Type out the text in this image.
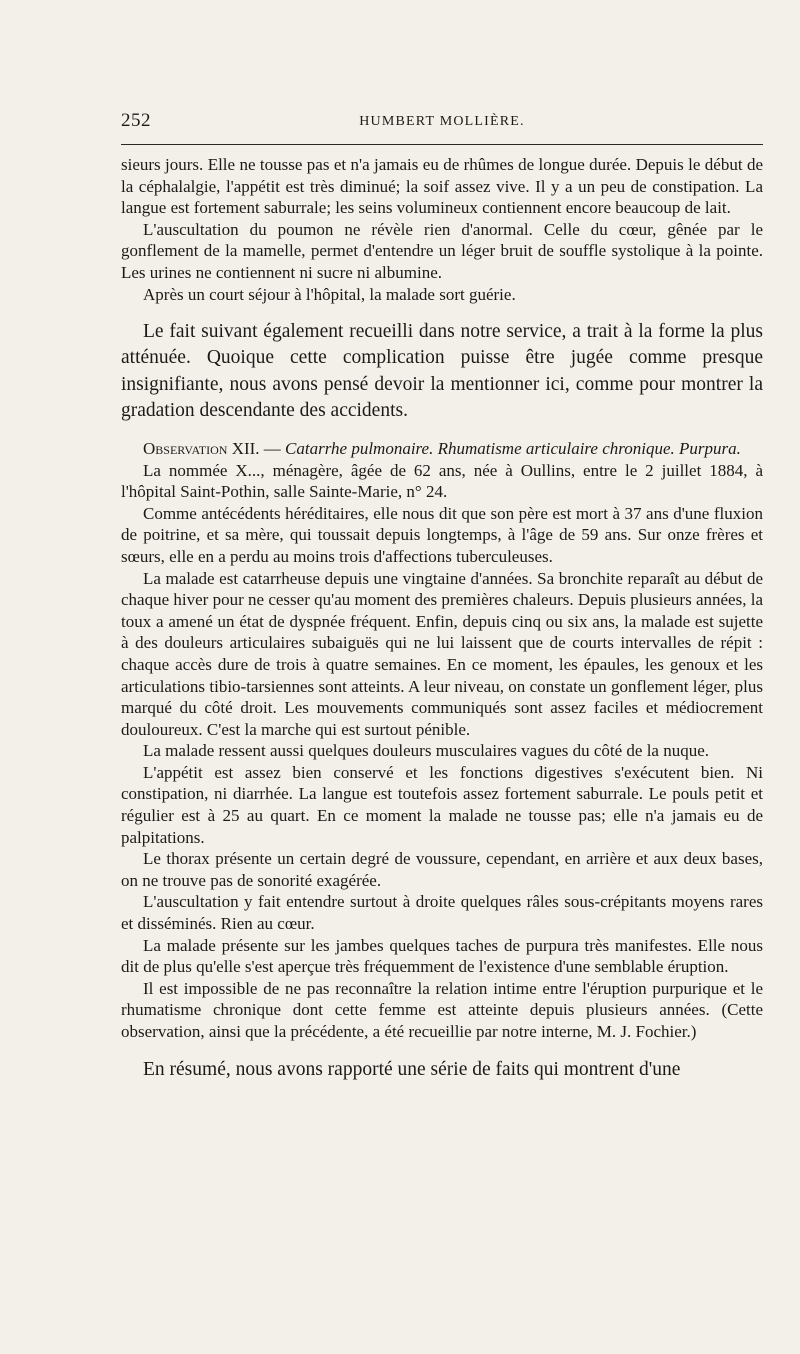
252	HUMBERT MOLLIÈRE.

sieurs jours. Elle ne tousse pas et n'a jamais eu de rhûmes de longue durée. Depuis le début de la céphalalgie, l'appétit est très diminué; la soif assez vive. Il y a un peu de constipation. La langue est fortement saburrale; les seins volumineux contiennent encore beaucoup de lait.

L'auscultation du poumon ne révèle rien d'anormal. Celle du cœur, gênée par le gonflement de la mamelle, permet d'entendre un léger bruit de souffle systolique à la pointe. Les urines ne contiennent ni sucre ni albumine.

Après un court séjour à l'hôpital, la malade sort guérie.

Le fait suivant également recueilli dans notre service, a trait à la forme la plus atténuée. Quoique cette complication puisse être jugée comme presque insignifiante, nous avons pensé devoir la mentionner ici, comme pour montrer la gradation descendante des accidents.

Observation XII. — Catarrhe pulmonaire. Rhumatisme articulaire chronique. Purpura.

La nommée X..., ménagère, âgée de 62 ans, née à Oullins, entre le 2 juillet 1884, à l'hôpital Saint-Pothin, salle Sainte-Marie, n° 24.

Comme antécédents héréditaires, elle nous dit que son père est mort à 37 ans d'une fluxion de poitrine, et sa mère, qui toussait depuis longtemps, à l'âge de 59 ans. Sur onze frères et sœurs, elle en a perdu au moins trois d'affections tuberculeuses.

La malade est catarrheuse depuis une vingtaine d'années. Sa bronchite reparaît au début de chaque hiver pour ne cesser qu'au moment des premières chaleurs. Depuis plusieurs années, la toux a amené un état de dyspnée fréquent. Enfin, depuis cinq ou six ans, la malade est sujette à des douleurs articulaires subaiguës qui ne lui laissent que de courts intervalles de répit : chaque accès dure de trois à quatre semaines. En ce moment, les épaules, les genoux et les articulations tibio-tarsiennes sont atteints. A leur niveau, on constate un gonflement léger, plus marqué du côté droit. Les mouvements communiqués sont assez faciles et médiocrement douloureux. C'est la marche qui est surtout pénible.

La malade ressent aussi quelques douleurs musculaires vagues du côté de la nuque.

L'appétit est assez bien conservé et les fonctions digestives s'exécutent bien. Ni constipation, ni diarrhée. La langue est toutefois assez fortement saburrale. Le pouls petit et régulier est à 25 au quart. En ce moment la malade ne tousse pas; elle n'a jamais eu de palpitations.

Le thorax présente un certain degré de voussure, cependant, en arrière et aux deux bases, on ne trouve pas de sonorité exagérée.

L'auscultation y fait entendre surtout à droite quelques râles sous-crépitants moyens rares et disséminés. Rien au cœur.

La malade présente sur les jambes quelques taches de purpura très manifestes. Elle nous dit de plus qu'elle s'est aperçue très fréquemment de l'existence d'une semblable éruption.

Il est impossible de ne pas reconnaître la relation intime entre l'éruption purpurique et le rhumatisme chronique dont cette femme est atteinte depuis plusieurs années. (Cette observation, ainsi que la précédente, a été recueillie par notre interne, M. J. Fochier.)

En résumé, nous avons rapporté une série de faits qui montrent d'une
